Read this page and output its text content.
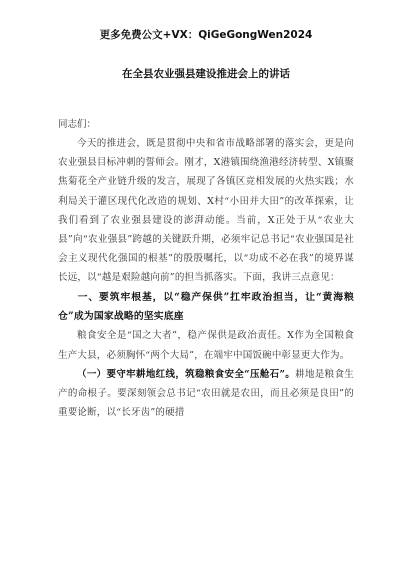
更多免费公文+VX：QiGeGongWen2024
在全县农业强县建设推进会上的讲话
同志们：

今天的推进会，既是贯彻中央和省市战略部署的落实会，更是向农业强县目标冲刺的誓师会。刚才，X港镇围绕渔港经济转型、X镇聚焦菊花全产业链升级的发言，展现了各镇区竞相发展的火热实践；水利局关于灌区现代化改造的规划、X村“小田并大田”的改革探索，让我们看到了农业强县建设的澎湃动能。当前，X正处于从“农业大县”向“农业强县”跨越的关键跃升期，必须牢记总书记“农业强国是社会主义现代化强国的根基”的殷殷嘱托，以“功成不必在我”的境界谋长远，以“越是艰险越向前”的担当抓落实。下面，我讲三点意见：

一、要筑牢根基，以“稳产保供”扛牢政治担当，让“黄海粮仓”成为国家战略的坚实底座

粮食安全是“国之大者”，稳产保供是政治责任。X作为全国粮食生产大县，必须胸怀“两个大局”，在端牢中国饭碗中彰显更大作为。

（一）要守牢耕地红线，筑稳粮食安全“压舱石”。耕地是粮食生产的命根子。要深刻领会总书记“农田就是农田，而且必须是良田”的重要论断，以“长牙齿”的硬措
